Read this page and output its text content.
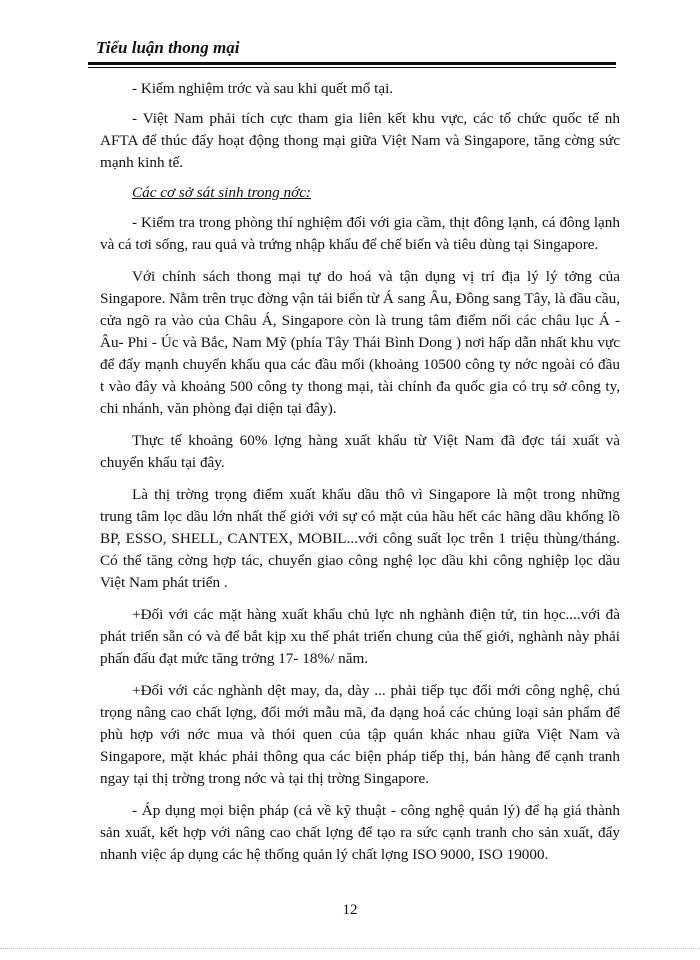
Tiểu luận thong mại

- Kiểm nghiệm trớc và sau khi quết mổ tại.

- Việt Nam phải tích cực tham gia liên kết khu vực, các tổ chức quốc tế nh AFTA để thúc đẩy hoạt động thong mại giữa Việt Nam và Singapore, tăng cờng sức mạnh kinh tế.

Các cơ sở sát sinh trong nớc:

- Kiểm tra trong phòng thí nghiệm đối với gia cầm, thịt đông lạnh, cá đông lạnh và cá tơi sống, rau quả và trứng nhập khẩu để chế biến và tiêu dùng tại Singapore.

Với chính sách thong mại tự do hoá và tận dụng vị trí địa lý lý tởng của Singapore. Nằm trên trục đờng vận tải biển từ Á sang Âu, Đông sang Tây, là đầu cầu, cửa ngõ ra vào của Châu Á, Singapore còn là trung tâm điểm nối các châu lục Á - Âu- Phi - Úc và Bắc, Nam Mỹ (phía Tây Thái Bình Dong ) nơi hấp dẫn nhất khu vực để đẩy mạnh chuyển khẩu qua các đầu mối (khoảng 10500 công ty nớc ngoài có đầu t vào đây và khoảng 500 công ty thong mại, tài chính đa quốc gia có trụ sở công ty, chi nhánh, văn phòng đại diện tại đây).

Thực tế khoảng 60% lợng hàng xuất khẩu từ Việt Nam đã đợc tái xuất và chuyển khẩu tại đây.

Là thị trờng trọng điểm xuất khẩu dầu thô vì Singapore là một trong những trung tâm lọc dầu lớn nhất thế giới với sự có mặt của hầu hết các hãng dầu khổng lồ BP, ESSO, SHELL, CANTEX, MOBIL...với công suất lọc trên 1 triệu thùng/tháng. Có thể tăng cờng hợp tác, chuyển giao công nghệ lọc dầu khi công nghiệp lọc dầu Việt Nam phát triển .

+Đối với các mặt hàng xuất khẩu chủ lực nh nghành điện tử, tin học....với đà phát triển sẵn có và để bắt kịp xu thế phát triển chung của thế giới, nghành này phải phấn đấu đạt mức tăng trởng 17- 18%/ năm.

+Đối với các nghành dệt may, da, dày ... phải tiếp tục đổi mới công nghệ, chú trọng nâng cao chất lợng, đổi mới mẫu mã, đa dạng hoá các chủng loại sản phẩm để phù hợp với nớc mua và thói quen của tập quán khác nhau giữa Việt Nam và Singapore, mặt khác phải thông qua các biện pháp tiếp thị, bán hàng để cạnh tranh ngay tại thị trờng trong nớc và tại thị trờng Singapore.

- Áp dụng mọi biện pháp (cả về kỹ thuật - công nghệ quản lý) để hạ giá thành sản xuất, kết hợp với nâng cao chất lợng để tạo ra sức cạnh tranh cho sản xuất, đẩy nhanh việc áp dụng các hệ thống quản lý chất lợng ISO 9000, ISO 19000.

12
